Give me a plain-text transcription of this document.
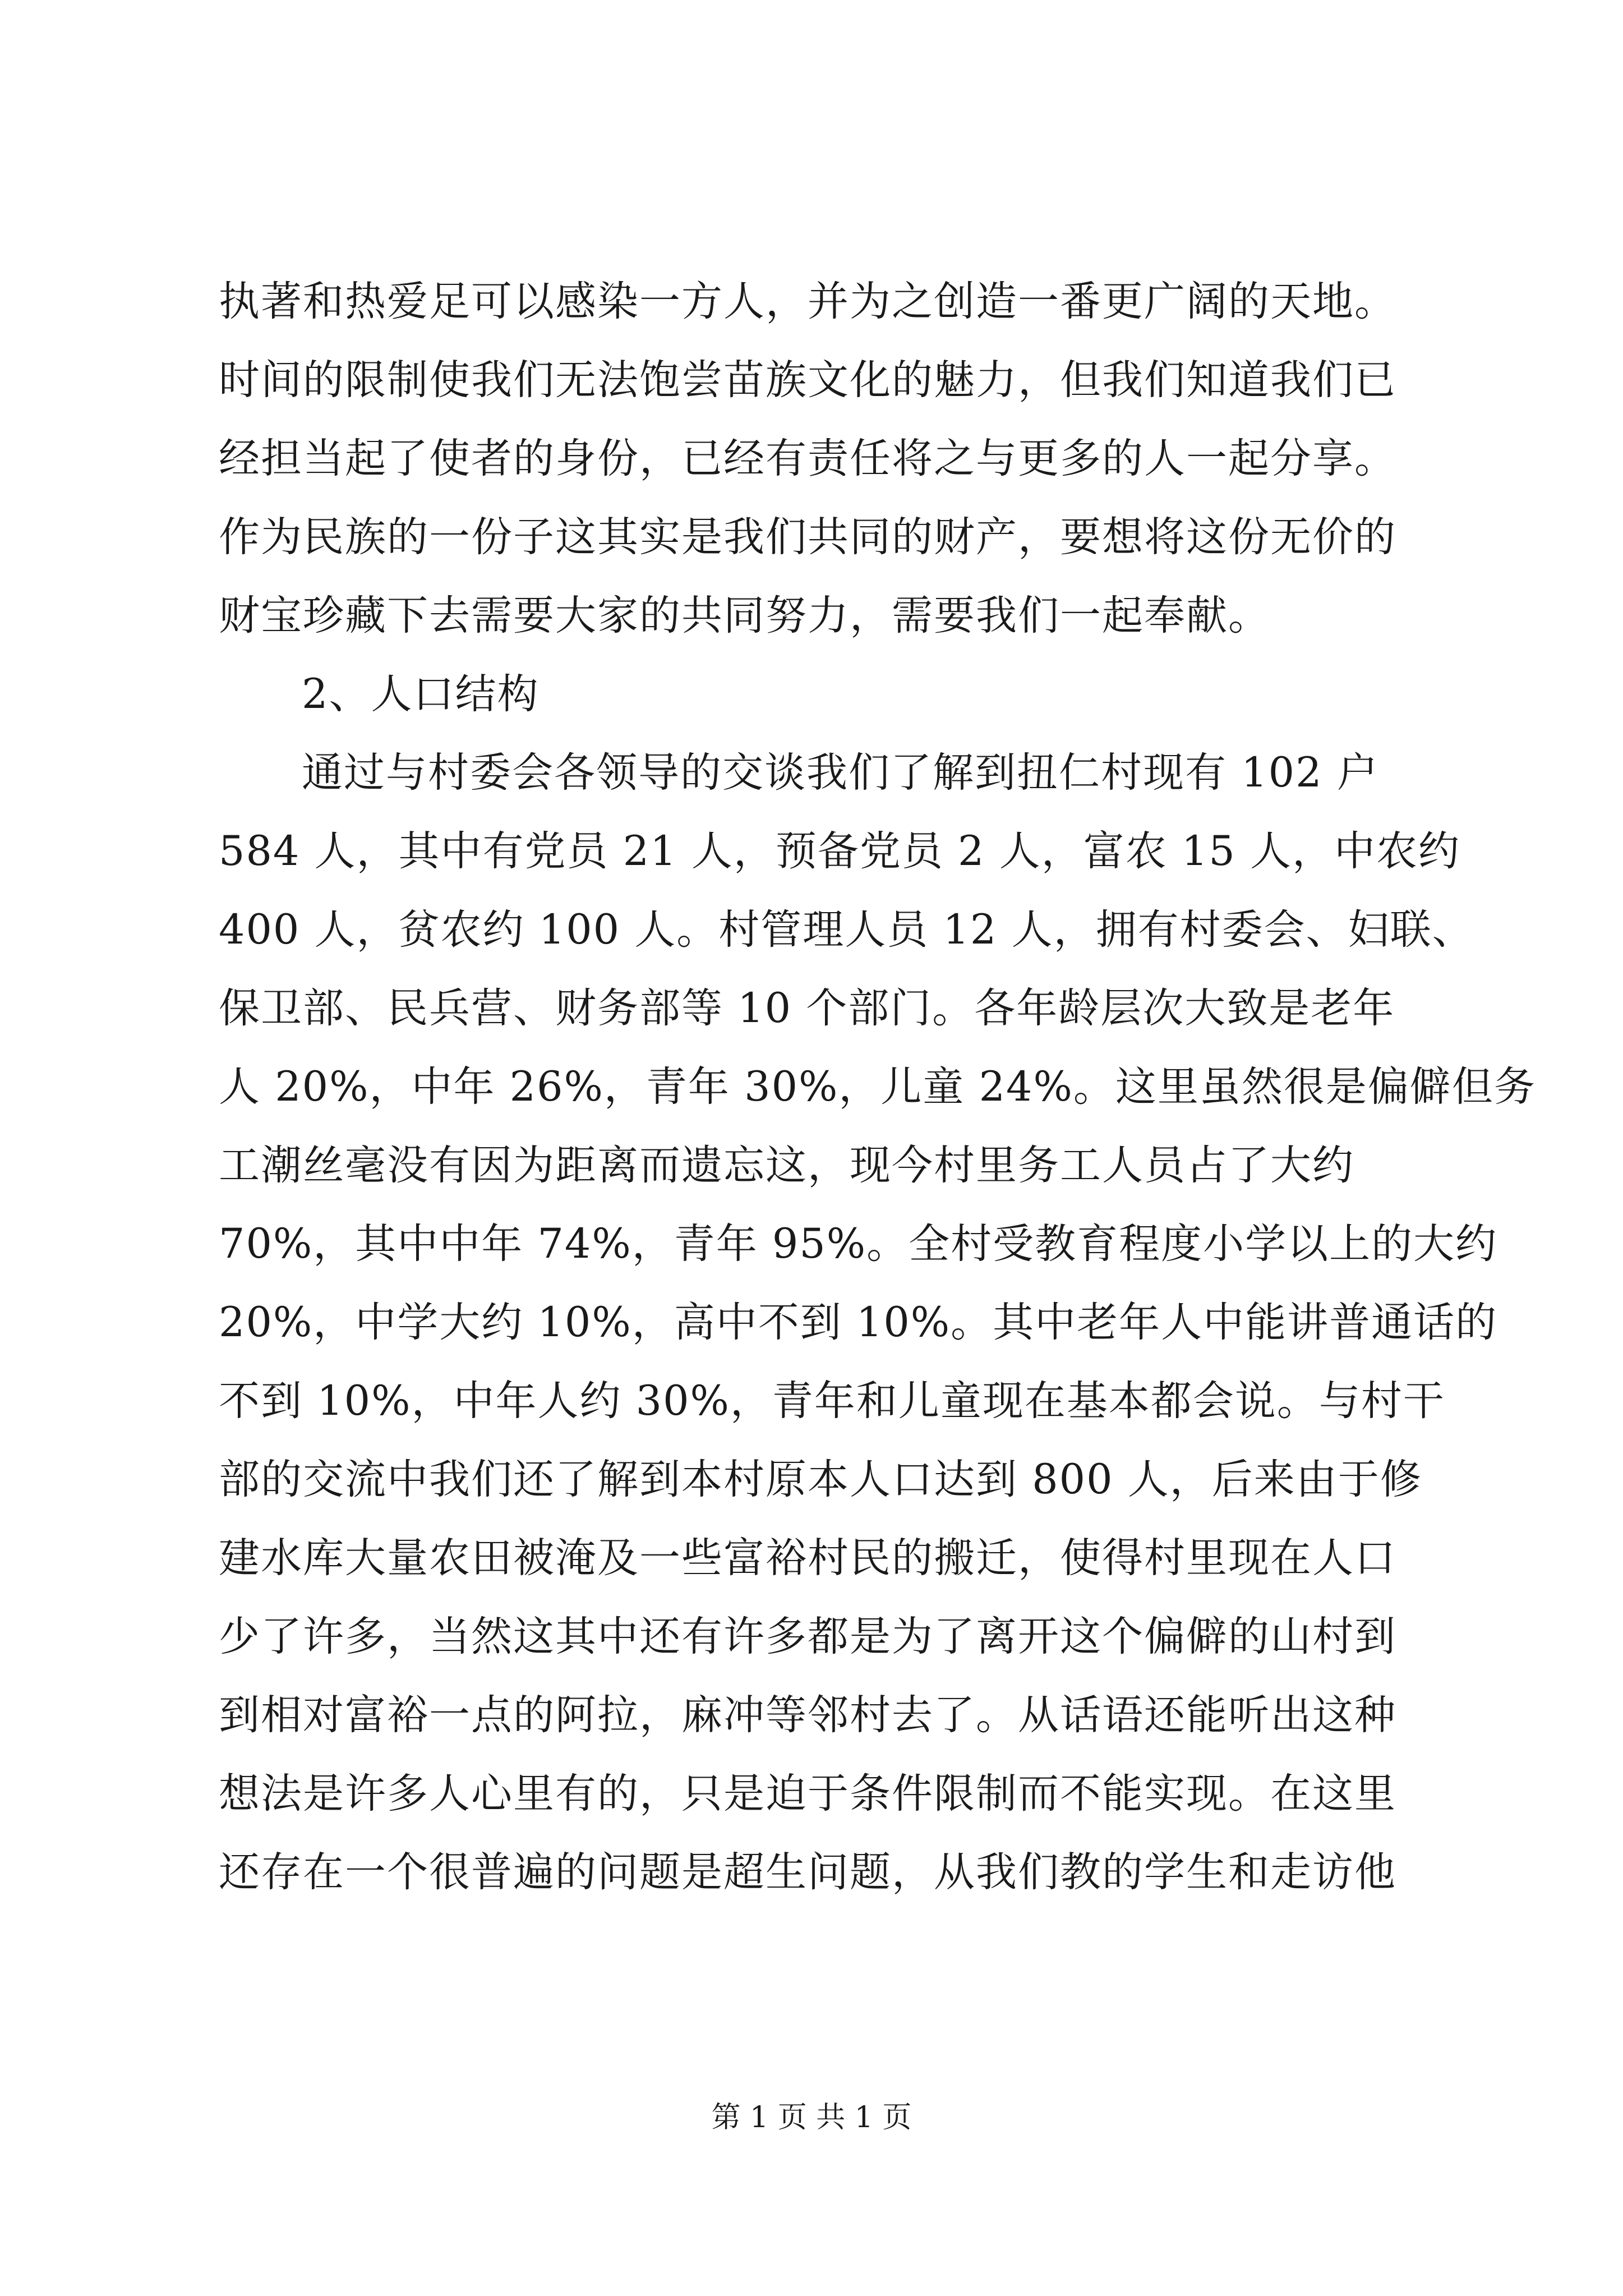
执著和热爱足可以感染一方人，并为之创造一番更广阔的天地。
时间的限制使我们无法饱尝苗族文化的魅力，但我们知道我们已
经担当起了使者的身份，已经有责任将之与更多的人一起分享。
作为民族的一份子这其实是我们共同的财产，要想将这份无价的
财宝珍藏下去需要大家的共同努力，需要我们一起奉献。
2、人口结构
通过与村委会各领导的交谈我们了解到扭仁村现有 102 户
584 人，其中有党员 21 人，预备党员 2 人，富农 15 人，中农约
400 人，贫农约 100 人。村管理人员 12 人，拥有村委会、妇联、
保卫部、民兵营、财务部等 10 个部门。各年龄层次大致是老年
人 20%，中年 26%，青年 30%，儿童 24%。这里虽然很是偏僻但务
工潮丝毫没有因为距离而遗忘这，现今村里务工人员占了大约
70%，其中中年 74%，青年 95%。全村受教育程度小学以上的大约
20%，中学大约 10%，高中不到 10%。其中老年人中能讲普通话的
不到 10%，中年人约 30%，青年和儿童现在基本都会说。与村干
部的交流中我们还了解到本村原本人口达到 800 人，后来由于修
建水库大量农田被淹及一些富裕村民的搬迁，使得村里现在人口
少了许多，当然这其中还有许多都是为了离开这个偏僻的山村到
到相对富裕一点的阿拉，麻冲等邻村去了。从话语还能听出这种
想法是许多人心里有的，只是迫于条件限制而不能实现。在这里
还存在一个很普遍的问题是超生问题，从我们教的学生和走访他
第 1 页 共 1 页
